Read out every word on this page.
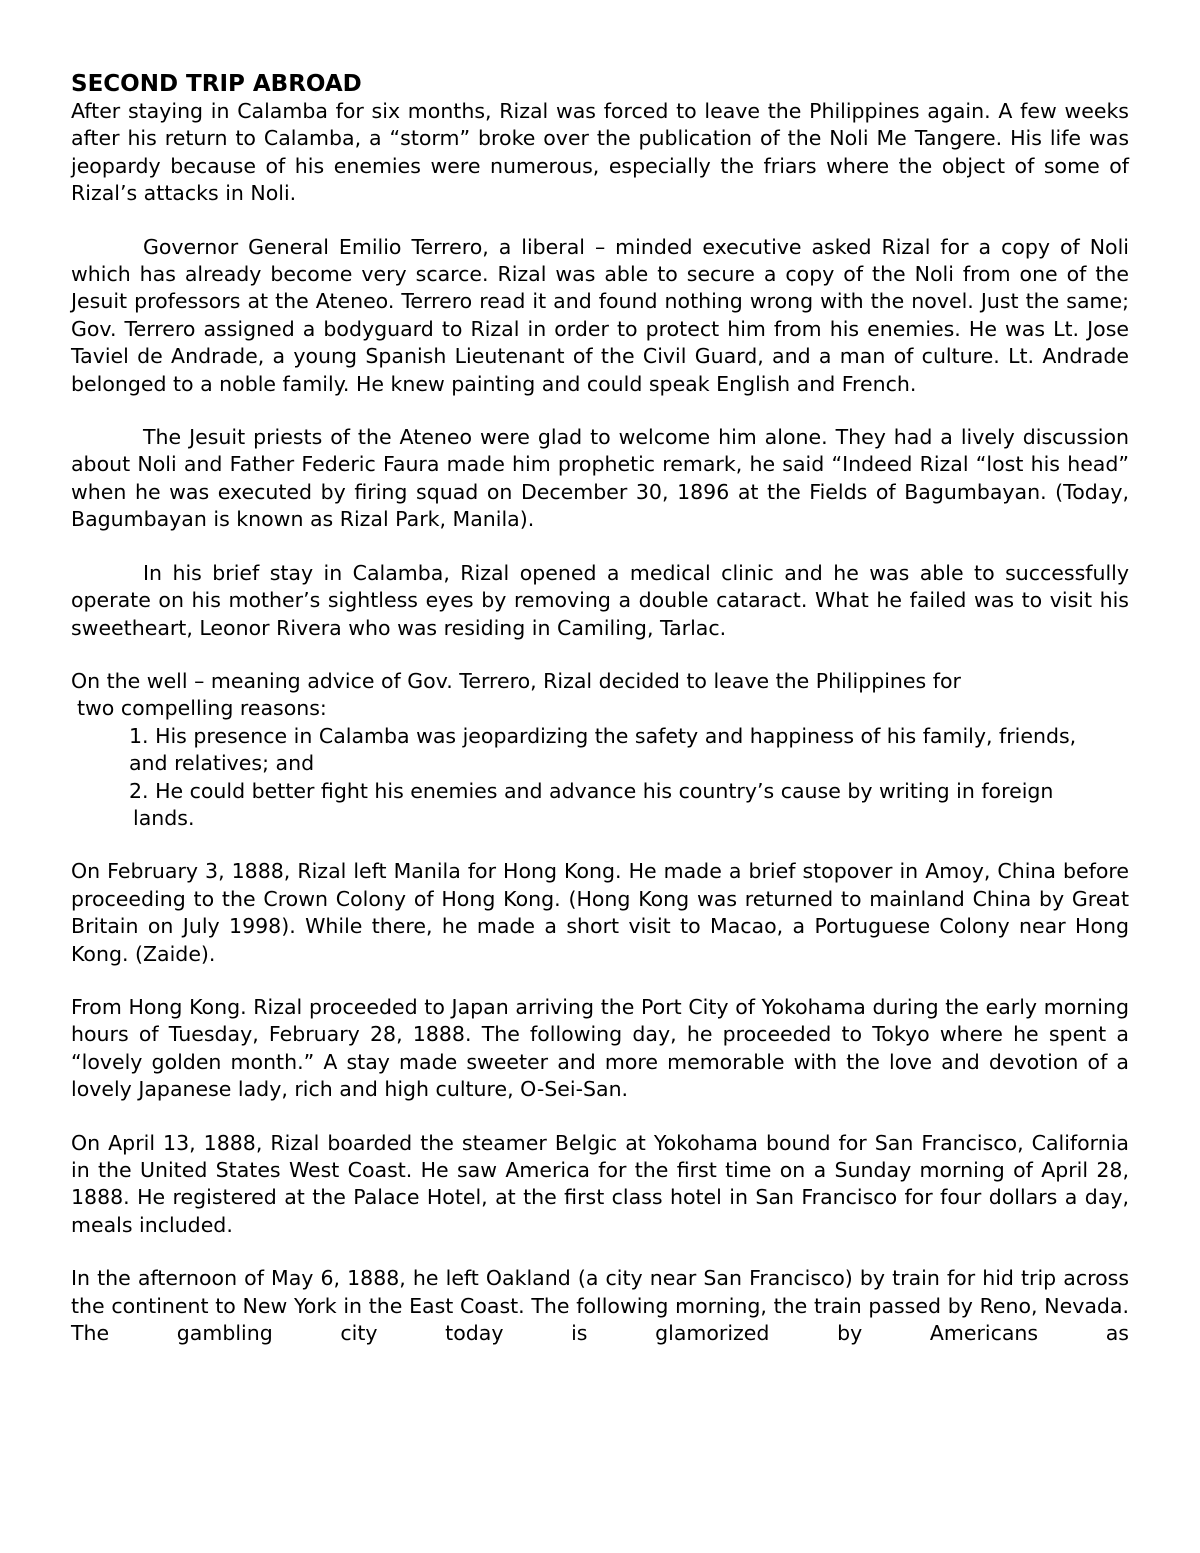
SECOND TRIP ABROAD

After staying in Calamba for six months, Rizal was forced to leave the Philippines again. A few weeks after his return to Calamba, a “storm” broke over the publication of the Noli Me Tangere. His life was jeopardy because of his enemies were numerous, especially the friars where the object of some of Rizal’s attacks in Noli.

Governor General Emilio Terrero, a liberal – minded executive asked Rizal for a copy of Noli which has already become very scarce. Rizal was able to secure a copy of the Noli from one of the Jesuit professors at the Ateneo. Terrero read it and found nothing wrong with the novel. Just the same; Gov. Terrero assigned a bodyguard to Rizal in order to protect him from his enemies. He was Lt. Jose Taviel de Andrade, a young Spanish Lieutenant of the Civil Guard, and a man of culture. Lt. Andrade belonged to a noble family. He knew painting and could speak English and French.

The Jesuit priests of the Ateneo were glad to welcome him alone. They had a lively discussion about Noli and Father Federic Faura made him prophetic remark, he said “Indeed Rizal “lost his head” when he was executed by firing squad on December 30, 1896 at the Fields of Bagumbayan. (Today, Bagumbayan is known as Rizal Park, Manila).

In his brief stay in Calamba, Rizal opened a medical clinic and he was able to successfully operate on his mother’s sightless eyes by removing a double cataract. What he failed was to visit his sweetheart, Leonor Rivera who was residing in Camiling, Tarlac.

On the well – meaning advice of Gov. Terrero, Rizal decided to leave the Philippines for
two compelling reasons:
1. His presence in Calamba was jeopardizing the safety and happiness of his family, friends,
and relatives; and
2. He could better fight his enemies and advance his country’s cause by writing in foreign
lands.

On February 3, 1888, Rizal left Manila for Hong Kong. He made a brief stopover in Amoy, China before proceeding to the Crown Colony of Hong Kong. (Hong Kong was returned to mainland China by Great Britain on July 1998). While there, he made a short visit to Macao, a Portuguese Colony near Hong Kong. (Zaide).

From Hong Kong. Rizal proceeded to Japan arriving the Port City of Yokohama during the early morning hours of Tuesday, February 28, 1888. The following day, he proceeded to Tokyo where he spent a “lovely golden month.” A stay made sweeter and more memorable with the love and devotion of a lovely Japanese lady, rich and high culture, O-Sei-San.

On April 13, 1888, Rizal boarded the steamer Belgic at Yokohama bound for San Francisco, California in the United States West Coast. He saw America for the first time on a Sunday morning of April 28, 1888. He registered at the Palace Hotel, at the first class hotel in San Francisco for four dollars a day, meals included.

In the afternoon of May 6, 1888, he left Oakland (a city near San Francisco) by train for hid trip across the continent to New York in the East Coast. The following morning, the train passed by Reno, Nevada. The gambling city today is glamorized by Americans as
